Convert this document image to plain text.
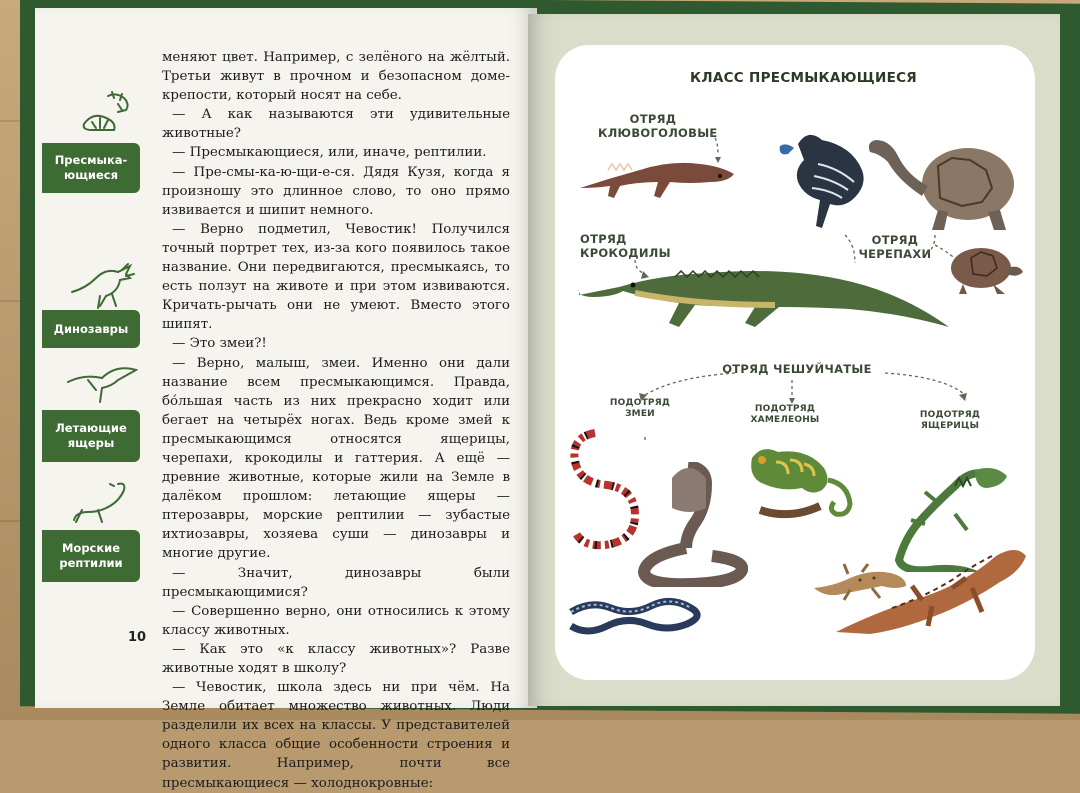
Пресмыка-ющиеся
Динозавры
Летающие ящеры
Морские рептилии

меняют цвет. Например, с зелёного на жёлтый. Третьи живут в прочном и безопасном доме-крепости, который носят на себе.

— А как называются эти удивительные животные?

— Пресмыкающиеся, или, иначе, рептилии.

— Пре-смы-ка-ю-щи-е-ся. Дядя Кузя, когда я произношу это длинное слово, то оно прямо извивается и шипит немного.

— Верно подметил, Чевостик! Получился точный портрет тех, из-за кого появилось такое название. Они передвигаются, пресмыкаясь, то есть ползут на животе и при этом извиваются. Кричать-рычать они не умеют. Вместо этого шипят.

— Это змеи?!

— Верно, малыш, змеи. Именно они дали название всем пресмыкающимся. Правда, бо́льшая часть из них прекрасно ходит или бегает на четырёх ногах. Ведь кроме змей к пресмыкающимся относятся ящерицы, черепахи, крокодилы и гаттерия. А ещё — древние животные, которые жили на Земле в далёком прошлом: летающие ящеры — птерозавры, морские рептилии — зубастые ихтиозавры, хозяева суши — динозавры и многие другие.

— Значит, динозавры были пресмыкающимися?

— Совершенно верно, они относились к этому классу животных.

— Как это «к классу животных»? Разве животные ходят в школу?

— Чевостик, школа здесь ни при чём. На Земле обитает множество животных. Люди разделили их всех на классы. У представителей одного класса общие особенности строения и развития. Например, почти все пресмыкающиеся — холоднокровные:

10
КЛАСС ПРЕСМЫКАЮЩИЕСЯ
ОТРЯД КЛЮВОГОЛОВЫЕ
ОТРЯД КРОКОДИЛЫ
ОТРЯД ЧЕРЕПАХИ
ОТРЯД ЧЕШУЙЧАТЫЕ
ПОДОТРЯД ЗМЕИ	ПОДОТРЯД ХАМЕЛЕОНЫ	ПОДОТРЯД ЯЩЕРИЦЫ
